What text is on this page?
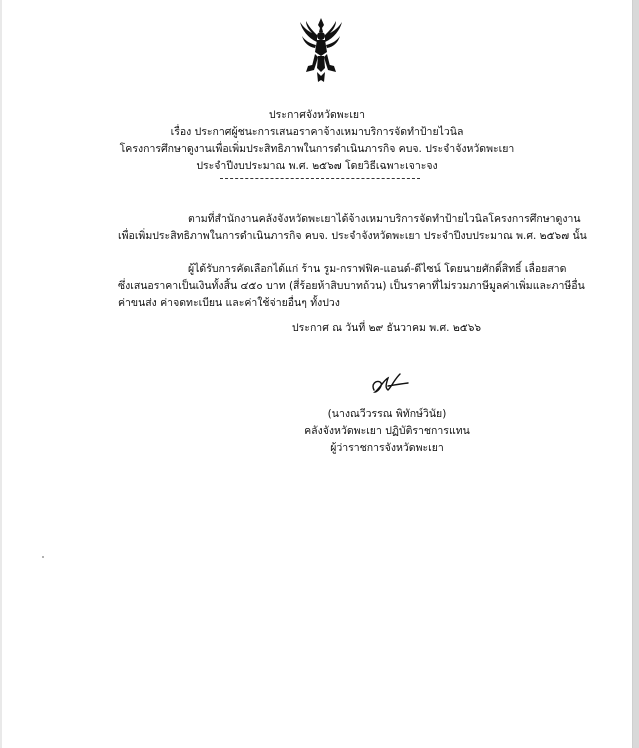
ประกาศจังหวัดพะเยา
เรื่อง ประกาศผู้ชนะการเสนอราคาจ้างเหมาบริการจัดทำป้ายไวนิล
โครงการศึกษาดูงานเพื่อเพิ่มประสิทธิภาพในการดำเนินภารกิจ คบจ. ประจำจังหวัดพะเยา
ประจำปีงบประมาณ พ.ศ. ๒๕๖๗ โดยวิธีเฉพาะเจาะจง
ตามที่สำนักงานคลังจังหวัดพะเยาได้จ้างเหมาบริการจัดทำป้ายไวนิลโครงการศึกษาดูงาน
เพื่อเพิ่มประสิทธิภาพในการดำเนินภารกิจ คบจ. ประจำจังหวัดพะเยา ประจำปีงบประมาณ พ.ศ. ๒๕๖๗ นั้น
ผู้ได้รับการคัดเลือกได้แก่ ร้าน รูม-กราฟฟิค-แอนด์-ดีไซน์ โดยนายศักดิ์สิทธิ์ เลื่อยสาด
ซึ่งเสนอราคาเป็นเงินทั้งสิ้น ๔๕๐ บาท (สี่ร้อยห้าสิบบาทถ้วน) เป็นราคาที่ไม่รวมภาษีมูลค่าเพิ่มและภาษีอื่น
ค่าขนส่ง ค่าจดทะเบียน และค่าใช้จ่ายอื่นๆ ทั้งปวง
ประกาศ ณ วันที่ ๒๙ ธันวาคม พ.ศ. ๒๕๖๖
(นางณวีวรรณ พิทักษ์วินัย)
คลังจังหวัดพะเยา ปฏิบัติราชการแทน
ผู้ว่าราชการจังหวัดพะเยา
